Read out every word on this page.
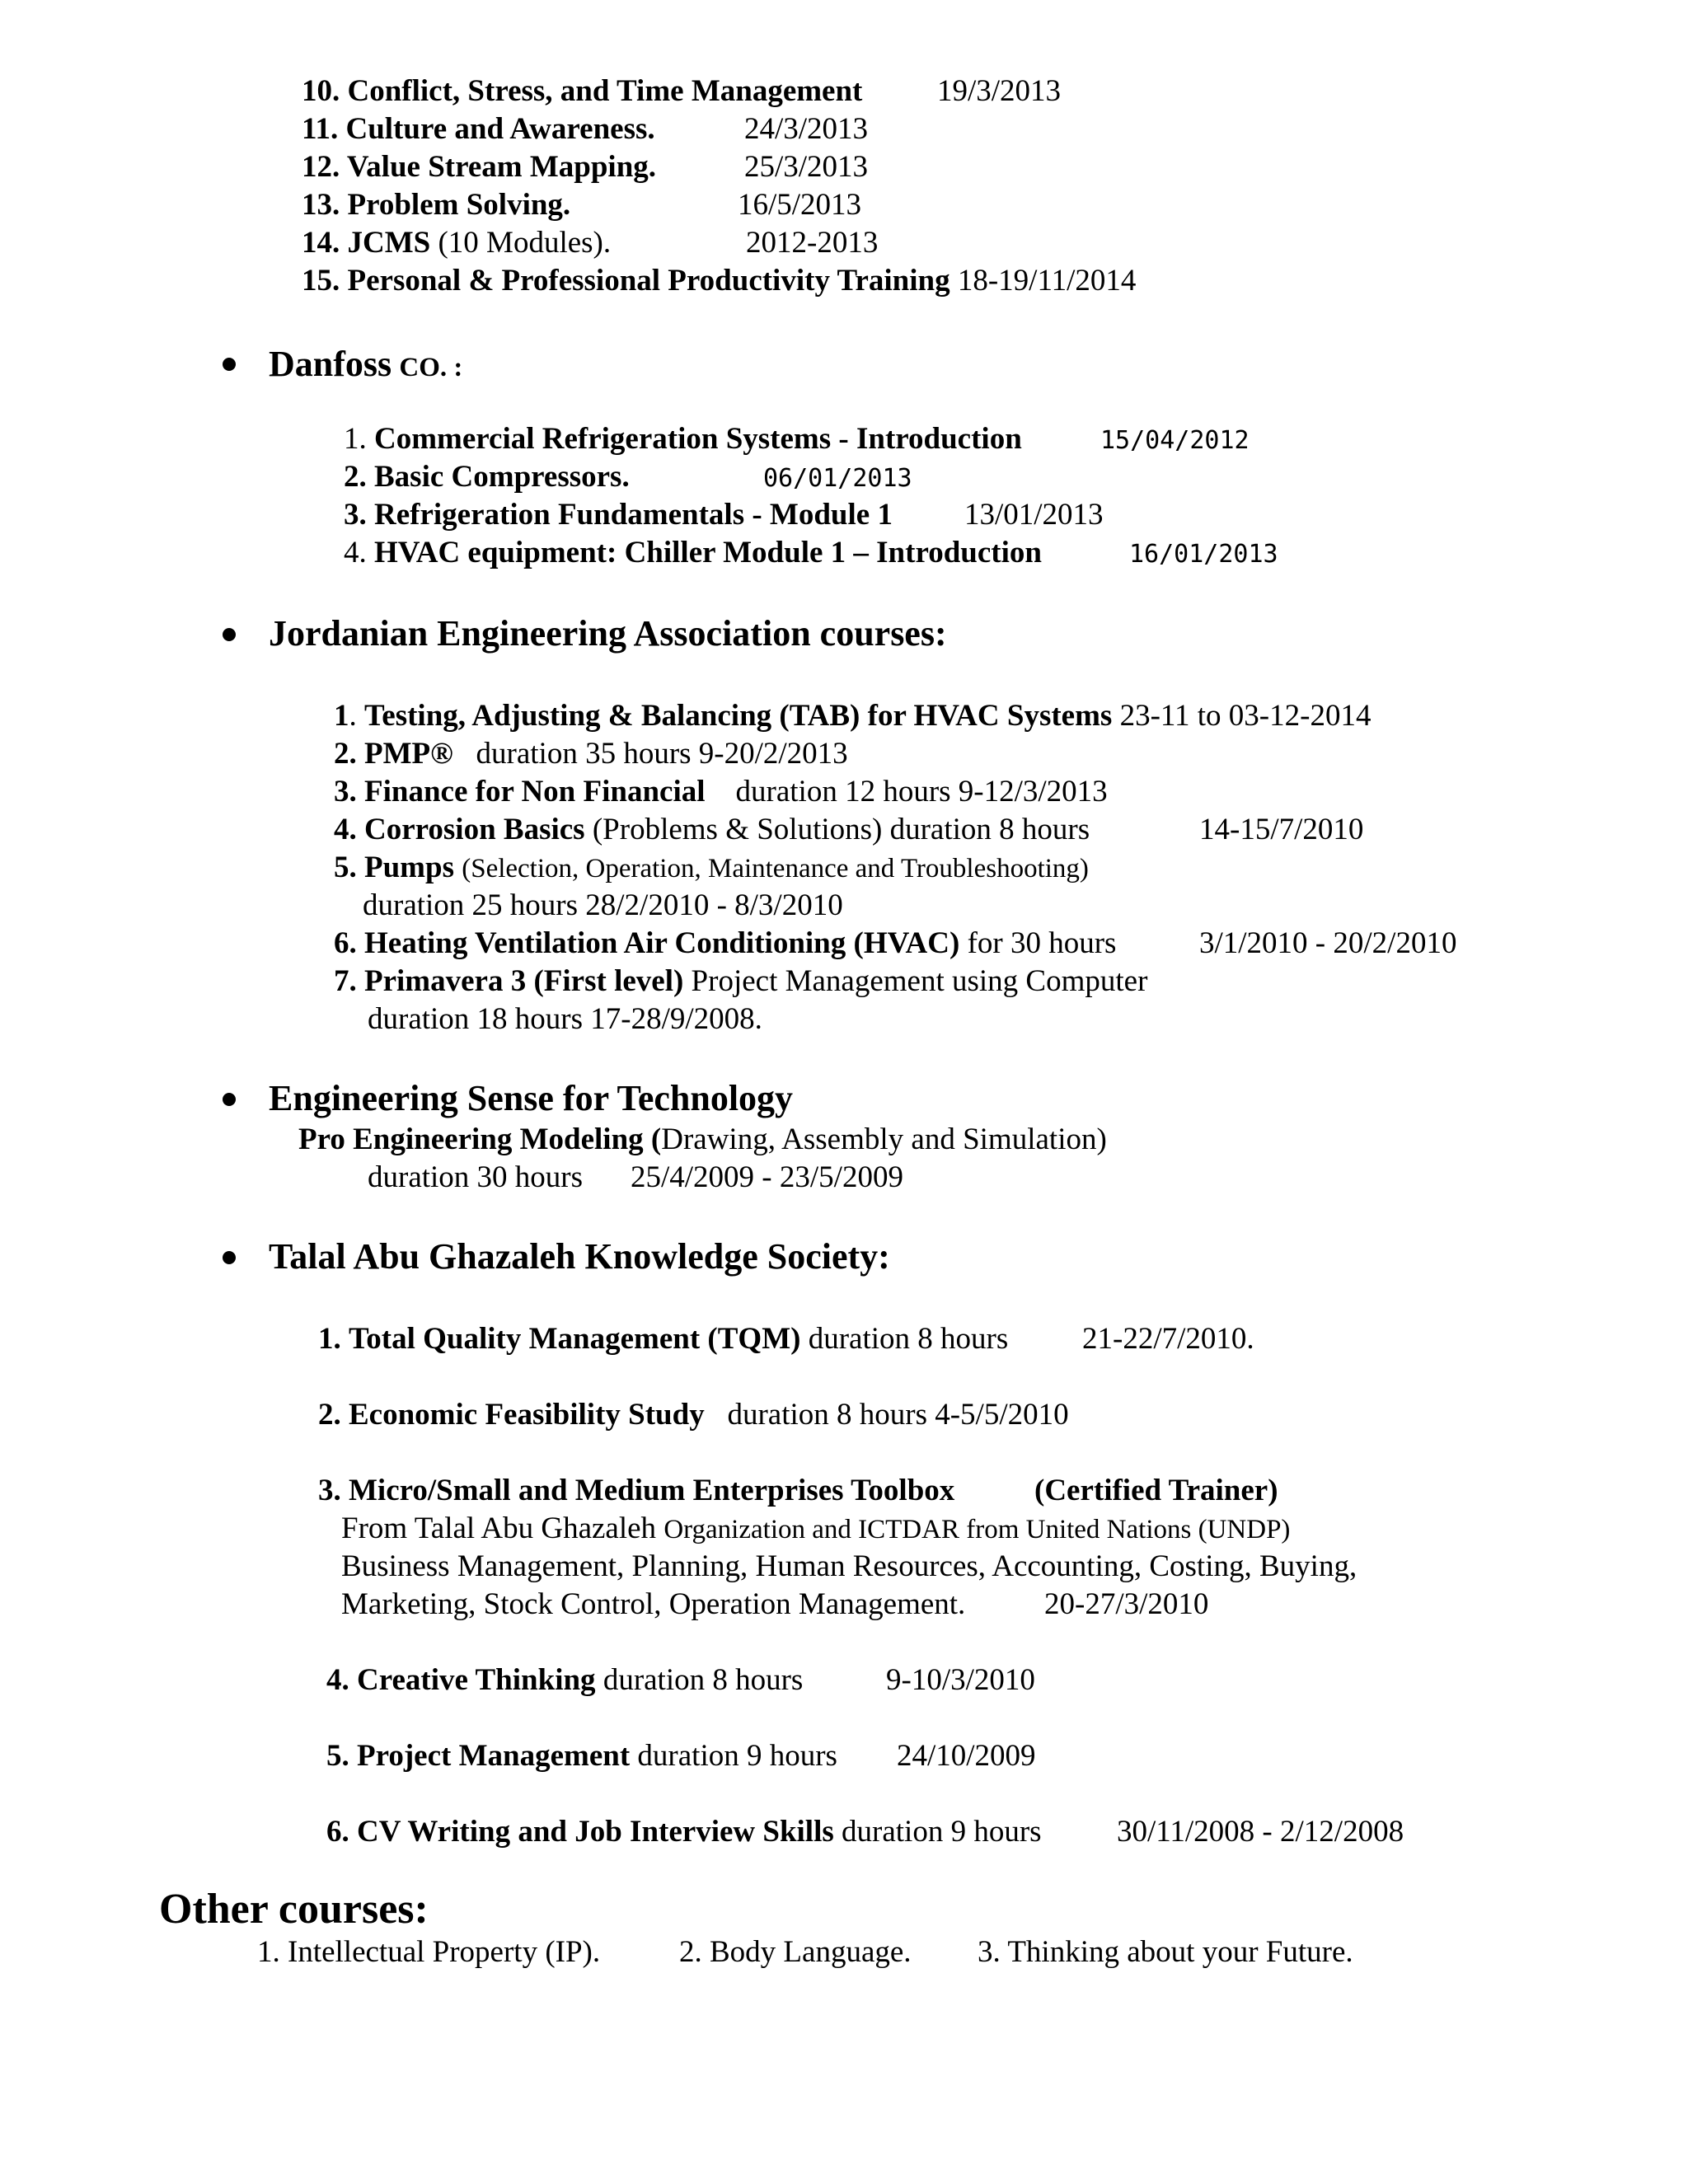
10. Conflict, Stress, and Time Management 19/3/2013
11. Culture and Awareness.	24/3/2013
12. Value Stream Mapping.	25/3/2013
13. Problem Solving.	16/5/2013
14. JCMS (10 Modules).	2012-2013
15. Personal & Professional Productivity Training 18-19/11/2014
Danfoss CO. :
1. Commercial Refrigeration Systems - Introduction	15/04/2012
2. Basic Compressors.	06/01/2013
3. Refrigeration Fundamentals - Module 1 13/01/2013
4. HVAC equipment: Chiller Module 1 – Introduction	16/01/2013
Jordanian Engineering Association courses:
1. Testing, Adjusting & Balancing (TAB) for HVAC Systems 23-11 to 03-12-2014
2. PMP® duration 35 hours 9-20/2/2013
3. Finance for Non Financial duration 12 hours 9-12/3/2013
4. Corrosion Basics (Problems & Solutions) duration 8 hours	14-15/7/2010
5. Pumps (Selection, Operation, Maintenance and Troubleshooting)
duration 25 hours 28/2/2010 - 8/3/2010
6. Heating Ventilation Air Conditioning (HVAC) for 30 hours	3/1/2010 - 20/2/2010
7. Primavera 3 (First level) Project Management using Computer
duration 18 hours 17-28/9/2008.
Engineering Sense for Technology
Pro Engineering Modeling (Drawing, Assembly and Simulation)
duration 30 hours 25/4/2009 - 23/5/2009
Talal Abu Ghazaleh Knowledge Society:
1. Total Quality Management (TQM) duration 8 hours 21-22/7/2010.
2. Economic Feasibility Study duration 8 hours 4-5/5/2010
3. Micro/Small and Medium Enterprises Toolbox	(Certified Trainer)
From Talal Abu Ghazaleh Organization and ICTDAR from United Nations (UNDP)
Business Management, Planning, Human Resources, Accounting, Costing, Buying,
Marketing, Stock Control, Operation Management.	20-27/3/2010
4. Creative Thinking duration 8 hours	9-10/3/2010
5. Project Management duration 9 hours 24/10/2009
6. CV Writing and Job Interview Skills duration 9 hours 30/11/2008 - 2/12/2008
Other courses:
1. Intellectual Property (IP).	2. Body Language. 3. Thinking about your Future.
